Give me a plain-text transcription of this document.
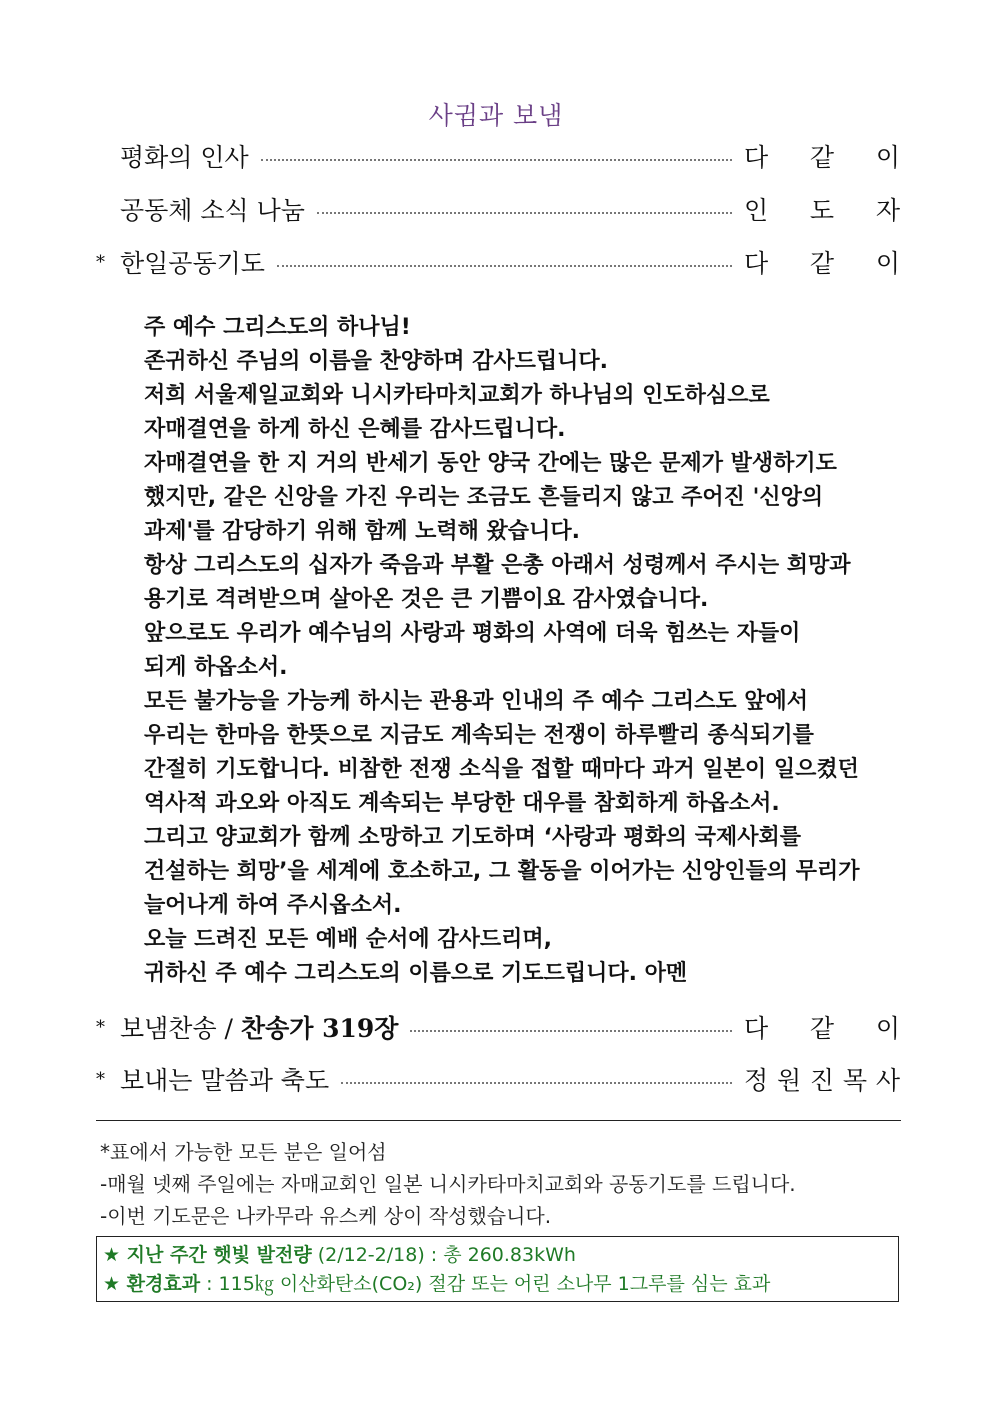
사귐과 보냄
평화의 인사	다 같 이
공동체 소식 나눔	인 도 자
* 한일공동기도	다 같 이
주 예수 그리스도의 하나님!
존귀하신 주님의 이름을 찬양하며 감사드립니다.
저희 서울제일교회와 니시카타마치교회가 하나님의 인도하심으로
자매결연을 하게 하신 은혜를 감사드립니다.
자매결연을 한 지 거의 반세기 동안 양국 간에는 많은 문제가 발생하기도
했지만, 같은 신앙을 가진 우리는 조금도 흔들리지 않고 주어진 '신앙의
과제'를 감당하기 위해 함께 노력해 왔습니다.
항상 그리스도의 십자가 죽음과 부활 은총 아래서 성령께서 주시는 희망과
용기로 격려받으며 살아온 것은 큰 기쁨이요 감사였습니다.
앞으로도 우리가 예수님의 사랑과 평화의 사역에 더욱 힘쓰는 자들이
되게 하옵소서.
모든 불가능을 가능케 하시는 관용과 인내의 주 예수 그리스도 앞에서
우리는 한마음 한뜻으로 지금도 계속되는 전쟁이 하루빨리 종식되기를
간절히 기도합니다. 비참한 전쟁 소식을 접할 때마다 과거 일본이 일으켰던
역사적 과오와 아직도 계속되는 부당한 대우를 참회하게 하옵소서.
그리고 양교회가 함께 소망하고 기도하며 ‘사랑과 평화의 국제사회를
건설하는 희망’을 세계에 호소하고, 그 활동을 이어가는 신앙인들의 무리가
늘어나게 하여 주시옵소서.
오늘 드려진 모든 예배 순서에 감사드리며,
귀하신 주 예수 그리스도의 이름으로 기도드립니다. 아멘
* 보냄찬송 / 찬송가 319장	다 같 이
* 보내는 말씀과 축도	정 원 진 목 사
*표에서 가능한 모든 분은 일어섬
-매월 넷째 주일에는 자매교회인 일본 니시카타마치교회와 공동기도를 드립니다.
-이번 기도문은 나카무라 유스케 상이 작성했습니다.
★ 지난 주간 햇빛 발전량 (2/12-2/18) : 총 260.83kWh
★ 환경효과 : 115㎏ 이산화탄소(CO₂) 절감 또는 어린 소나무 1그루를 심는 효과
